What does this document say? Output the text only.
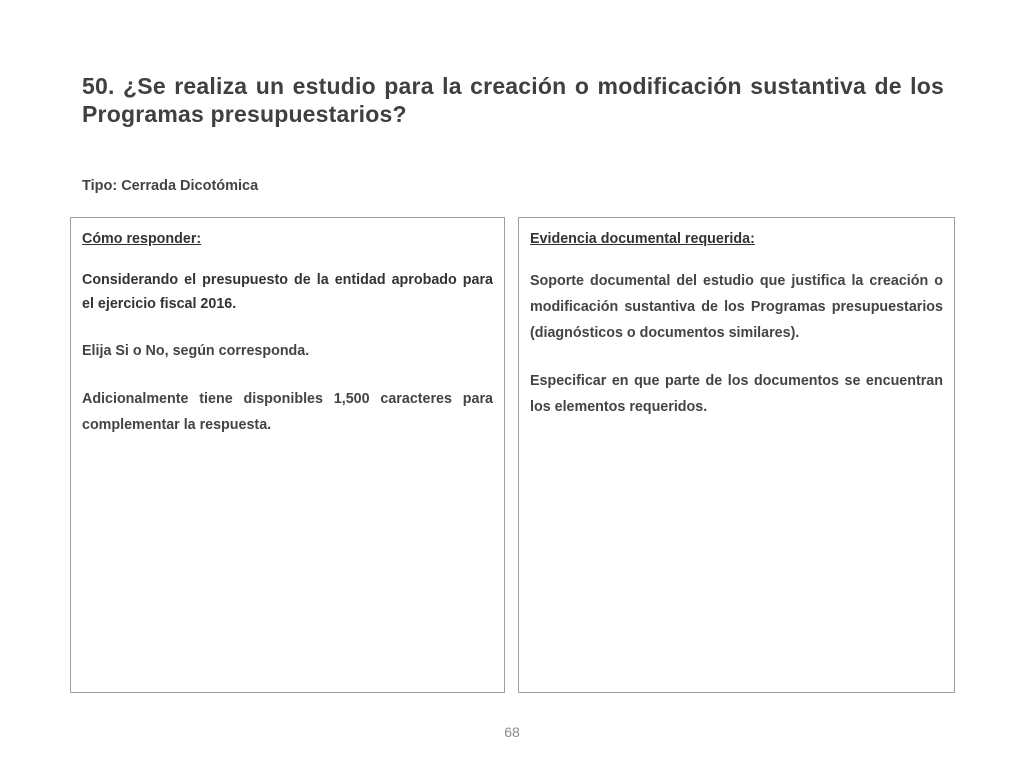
50. ¿Se realiza un estudio para la creación o modificación sustantiva de los Programas presupuestarios?
Tipo: Cerrada Dicotómica

Cómo responder:

Considerando el presupuesto de la entidad aprobado para el ejercicio fiscal 2016.

Elija Si o No, según corresponda.

Adicionalmente tiene disponibles 1,500 caracteres para complementar la respuesta.

Evidencia documental requerida:

Soporte documental del estudio que justifica la creación o modificación sustantiva de los Programas presupuestarios (diagnósticos o documentos similares).

Especificar en que parte de los documentos se encuentran los elementos requeridos.

68
